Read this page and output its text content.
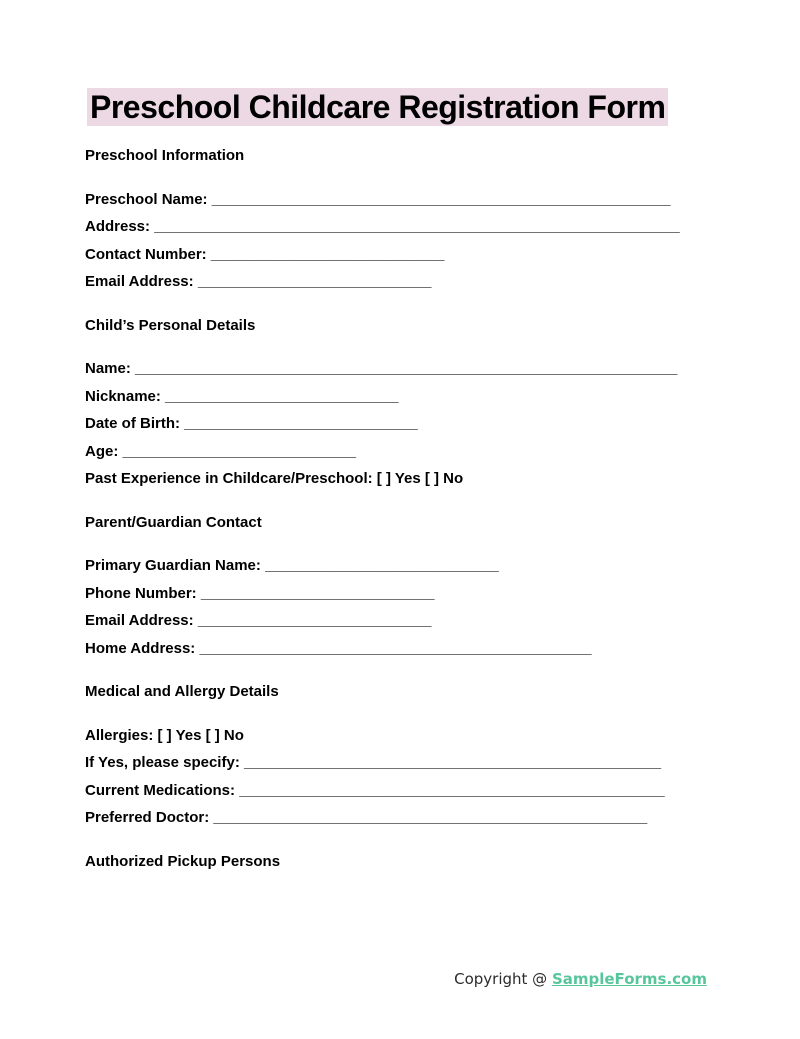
Preschool Childcare Registration Form
Preschool Information
Preschool Name: _______________________________________________________
Address: _______________________________________________________________
Contact Number: ____________________________
Email Address: ____________________________
Child’s Personal Details
Name: _________________________________________________________________
Nickname: ____________________________
Date of Birth: ____________________________
Age: ____________________________
Past Experience in Childcare/Preschool: [ ] Yes [ ] No
Parent/Guardian Contact
Primary Guardian Name: ____________________________
Phone Number: ____________________________
Email Address: ____________________________
Home Address: _______________________________________________
Medical and Allergy Details
Allergies: [ ] Yes [ ] No
If Yes, please specify: __________________________________________________
Current Medications: ___________________________________________________
Preferred Doctor: ____________________________________________________
Authorized Pickup Persons
Copyright @ SampleForms.com
